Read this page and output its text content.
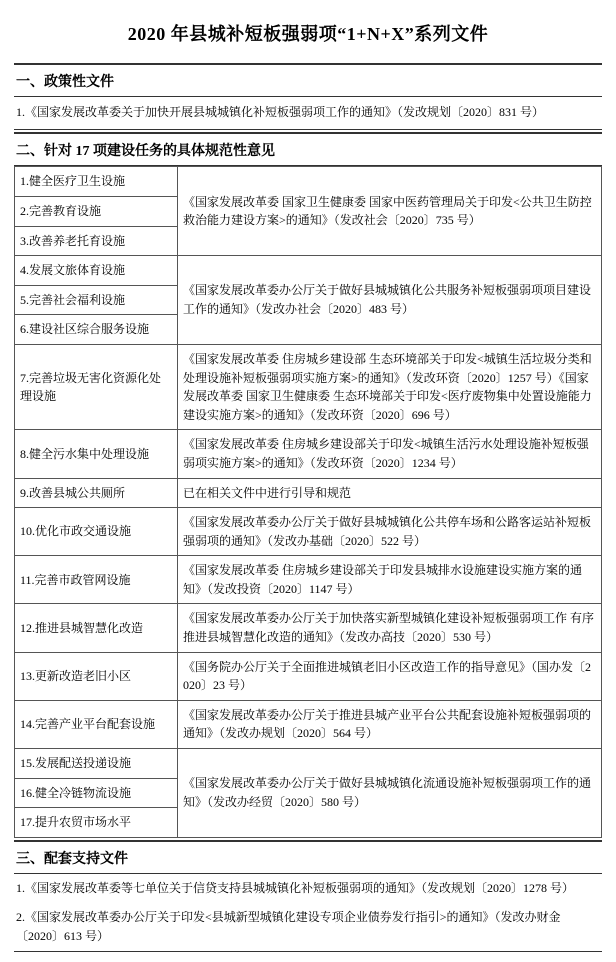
2020 年县城补短板强弱项“1+N+X”系列文件
一、政策性文件
1.《国家发展改革委关于加快开展县城城镇化补短板强弱项工作的通知》（发改规划〔2020〕831 号）
二、针对 17 项建设任务的具体规范性意见
1.健全医疗卫生设施	《国家发展改革委 国家卫生健康委 国家中医药管理局关于印发<公共卫生防控救治能力建设方案>的通知》（发改社会〔2020〕735 号）
2.完善教育设施	
3.改善养老托育设施	
4.发展文旅体育设施	《国家发展改革委办公厅关于做好县城城镇化公共服务补短板强弱项项目建设工作的通知》（发改办社会〔2020〕483 号）
5.完善社会福利设施	
6.建设社区综合服务设施	
7.完善垃圾无害化资源化处理设施	《国家发展改革委 住房城乡建设部 生态环境部关于印发<城镇生活垃圾分类和处理设施补短板强弱项实施方案>的通知》（发改环资〔2020〕1257 号）《国家发展改革委 国家卫生健康委 生态环境部关于印发<医疗废物集中处置设施能力建设实施方案>的通知》（发改环资〔2020〕696 号）
8.健全污水集中处理设施	《国家发展改革委 住房城乡建设部关于印发<城镇生活污水处理设施补短板强弱项实施方案>的通知》（发改环资〔2020〕1234 号）
9.改善县城公共厕所	已在相关文件中进行引导和规范
10.优化市政交通设施	《国家发展改革委办公厅关于做好县城城镇化公共停车场和公路客运站补短板强弱项的通知》（发改办基础〔2020〕522 号）
11.完善市政管网设施	《国家发展改革委 住房城乡建设部关于印发县城排水设施建设实施方案的通知》（发改投资〔2020〕1147 号）
12.推进县城智慧化改造	《国家发展改革委办公厅关于加快落实新型城镇化建设补短板强弱项工作 有序推进县城智慧化改造的通知》（发改办高技〔2020〕530 号）
13.更新改造老旧小区	《国务院办公厅关于全面推进城镇老旧小区改造工作的指导意见》（国办发〔2020〕23 号）
14.完善产业平台配套设施	《国家发展改革委办公厅关于推进县城产业平台公共配套设施补短板强弱项的通知》（发改办规划〔2020〕564 号）
15.发展配送投递设施	《国家发展改革委办公厅关于做好县城城镇化流通设施补短板强弱项工作的通知》（发改办经贸〔2020〕580 号）
16.健全冷链物流设施	
17.提升农贸市场水平	
三、配套支持文件
1.《国家发展改革委等七单位关于信贷支持县城城镇化补短板强弱项的通知》（发改规划〔2020〕1278 号）
2.《国家发展改革委办公厅关于印发<县城新型城镇化建设专项企业债券发行指引>的通知》（发改办财金〔2020〕613 号）
